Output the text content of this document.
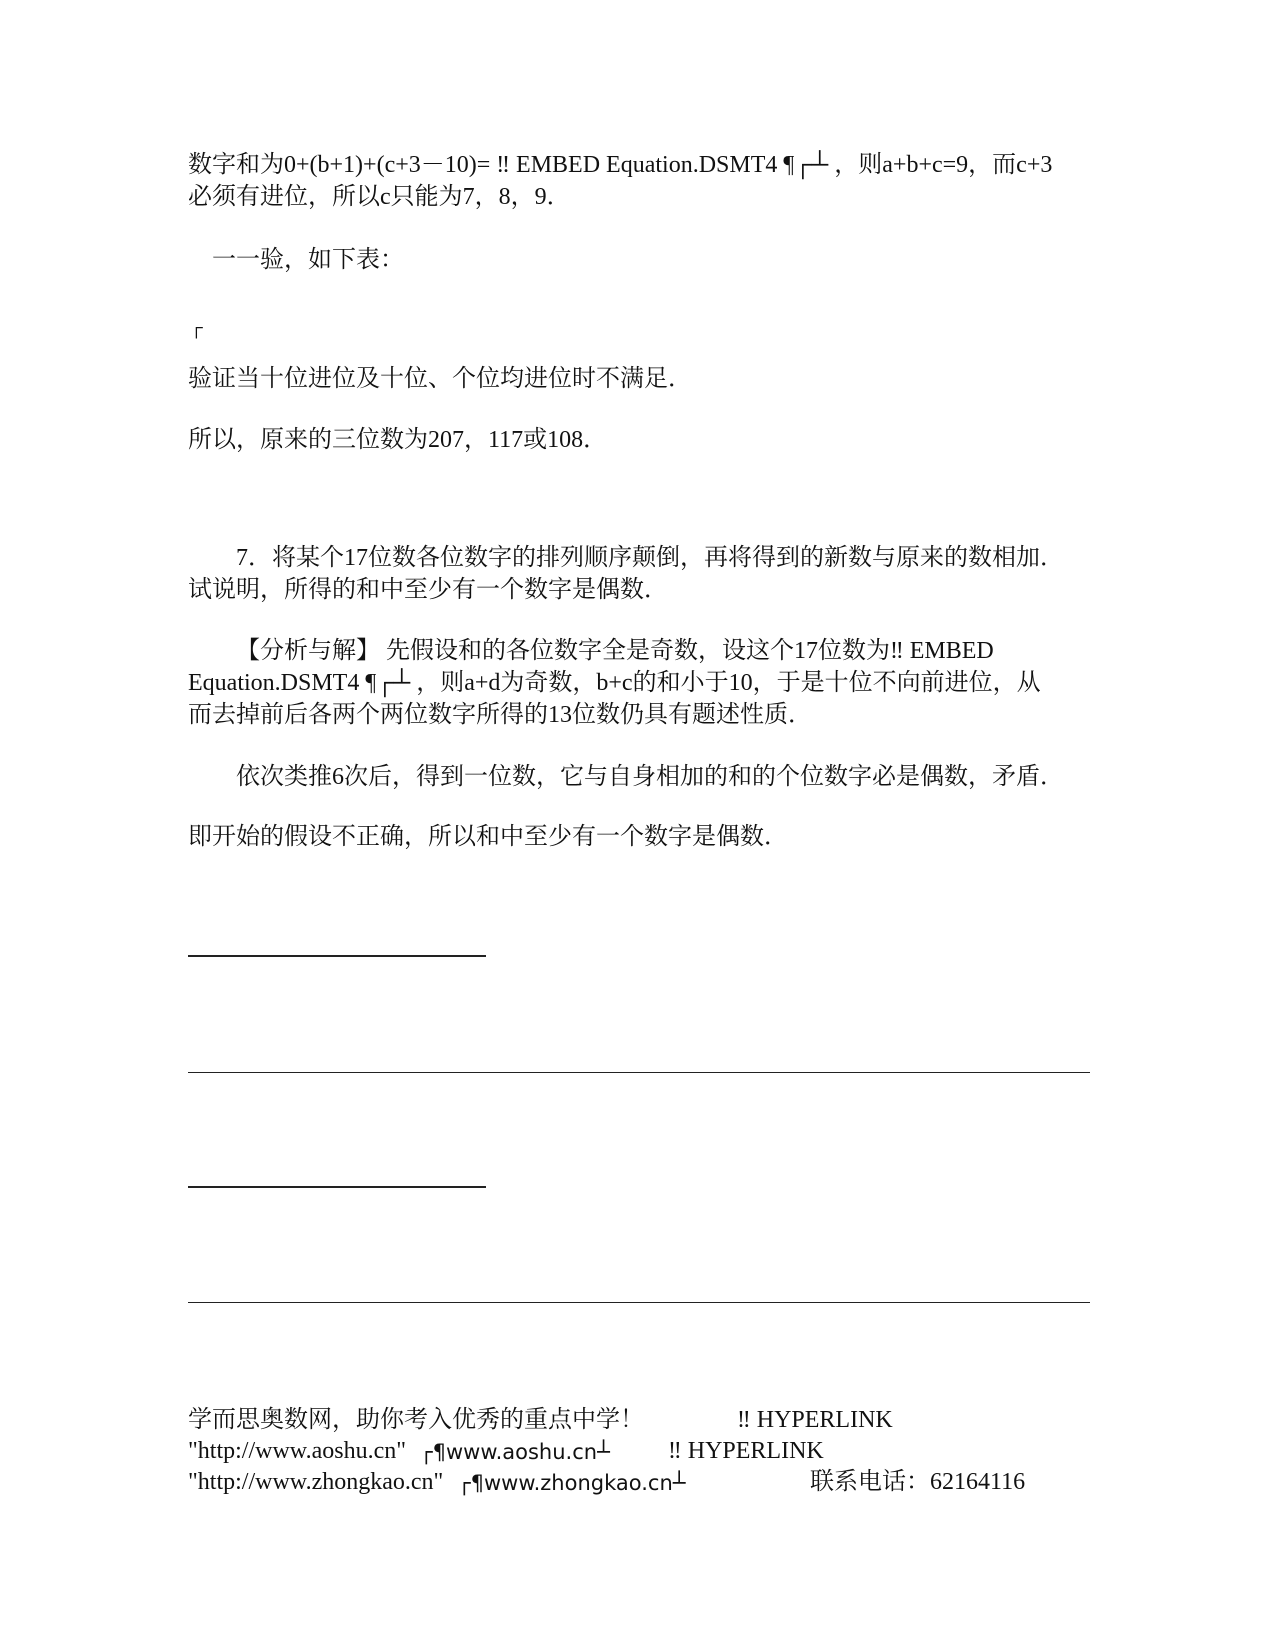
数字和为0+(b+1)+(c+3－10)= ‼ EMBED Equation.DSMT4 ¶┌┴ ，则a+b+c=9，而c+3
必须有进位，所以c只能为7，8，9．
一一验，如下表：
┌
验证当十位进位及十位、个位均进位时不满足．
所以，原来的三位数为207，117或108．
7．将某个17位数各位数字的排列顺序颠倒，再将得到的新数与原来的数相加．
试说明，所得的和中至少有一个数字是偶数．
【分析与解】 先假设和的各位数字全是奇数，设这个17位数为‼ EMBED
Equation.DSMT4 ¶┌┴ ，则a+d为奇数，b+c的和小于10，于是十位不向前进位，从
而去掉前后各两个两位数字所得的13位数仍具有题述性质．
依次类推6次后，得到一位数，它与自身相加的和的个位数字必是偶数，矛盾．
即开始的假设不正确，所以和中至少有一个数字是偶数．
学而思奥数网，助你考入优秀的重点中学！	‼ HYPERLINK
"http://www.aoshu.cn" ┌¶www.aoshu.cn┴ ‼ HYPERLINK
"http://www.zhongkao.cn" ┌¶www.zhongkao.cn┴	联系电话：62164116
